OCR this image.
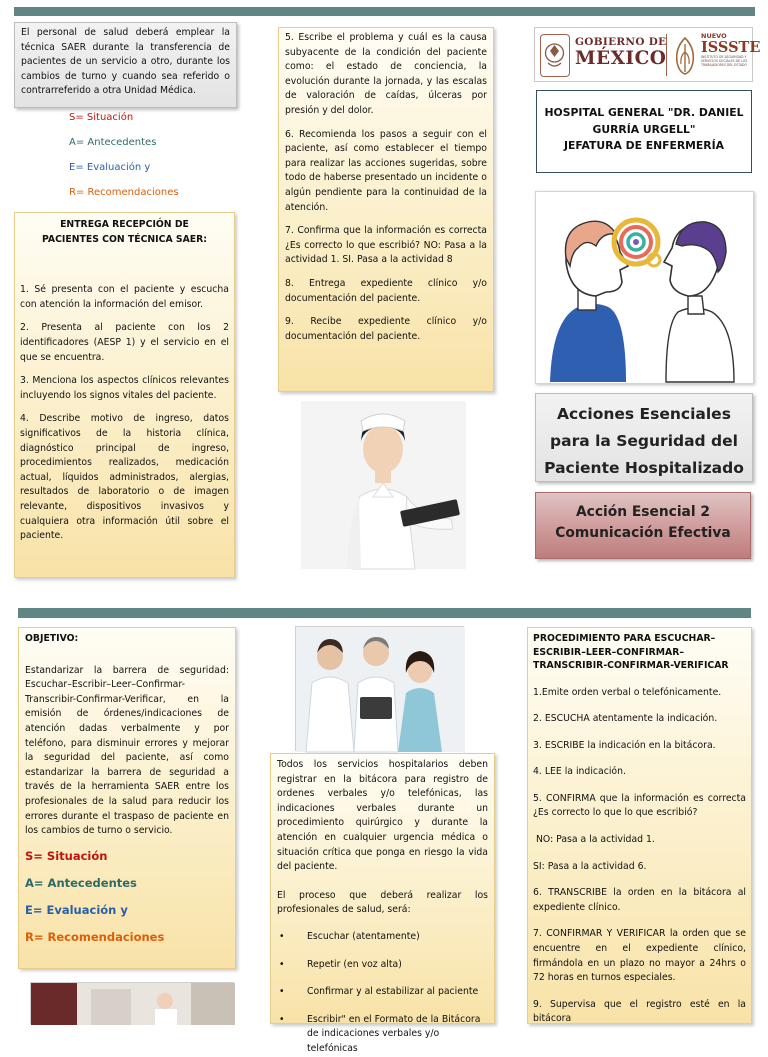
El personal de salud deberá emplear la técnica SAER durante la transferencia de pacientes de un servicio a otro, durante los cambios de turno y cuando sea referido o contrarreferido a otra Unidad Médica.
S= Situación
A= Antecedentes
E= Evaluación y
R= Recomendaciones
ENTREGA RECEPCIÓN DE PACIENTES CON TÉCNICA SAER:
1. Sé presenta con el paciente y escucha con atención la información del emisor.
2. Presenta al paciente con los 2 identificadores (AESP 1) y el servicio en el que se encuentra.
3. Menciona los aspectos clínicos relevantes incluyendo los signos vitales del paciente.
4. Describe motivo de ingreso, datos significativos de la historia clínica, diagnóstico principal de ingreso, procedimientos realizados, medicación actual, líquidos administrados, alergias, resultados de laboratorio o de imagen relevante, dispositivos invasivos y cualquiera otra información útil sobre el paciente.
5. Escribe el problema y cuál es la causa subyacente de la condición del paciente como: el estado de conciencia, la evolución durante la jornada, y las escalas de valoración de caídas, úlceras por presión y del dolor.
6. Recomienda los pasos a seguir con el paciente, así como establecer el tiempo para realizar las acciones sugeridas, sobre todo de haberse presentado un incidente o algún pendiente para la continuidad de la atención.
7. Confirma que la información es correcta ¿Es correcto lo que escribió? NO: Pasa a la actividad 1. SI. Pasa a la actividad 8
8. Entrega expediente clínico y/o documentación del paciente.
9. Recibe expediente clínico y/o documentación del paciente.
GOBIERNO DE
MÉXICO
NUEVO
ISSSTE
INSTITUTO DE SEGURIDAD Y SERVICIOS SOCIALES DE LOS TRABAJADORES DEL ESTADO
HOSPITAL GENERAL "DR. DANIEL
GURRÍA URGELL"
JEFATURA DE ENFERMERÍA
Acciones Esenciales para la Seguridad del Paciente Hospitalizado
Acción Esencial 2
Comunicación Efectiva
OBJETIVO:
Estandarizar la barrera de seguridad: Escuchar–Escribir–Leer–Confirmar-Transcribir-Confirmar-Verificar, en la emisión de órdenes/indicaciones de atención dadas verbalmente y por teléfono, para disminuir errores y mejorar la seguridad del paciente, así como estandarizar la barrera de seguridad a través de la herramienta SAER entre los profesionales de la salud para reducir los errores durante el traspaso de paciente en los cambios de turno o servicio.
S= Situación
A= Antecedentes
E= Evaluación y
R= Recomendaciones
Todos los servicios hospitalarios deben registrar en la bitácora para registro de ordenes verbales y/o telefónicas, las indicaciones verbales durante un procedimiento quirúrgico y durante la atención en cualquier urgencia médica o situación crítica que ponga en riesgo la vida del paciente.
El proceso que deberá realizar los profesionales de salud, será:
• Escuchar (atentamente)
• Repetir (en voz alta)
• Confirmar y al estabilizar al paciente
• Escribir" en el Formato de la Bitácora de indicaciones verbales y/o telefónicas
PROCEDIMIENTO PARA ESCUCHAR–ESCRIBIR–LEER–CONFIRMAR–TRANSCRIBIR-CONFIRMAR-VERIFICAR
1.Emite orden verbal o telefónicamente.
2. ESCUCHA atentamente la indicación.
3. ESCRIBE la indicación en la bitácora.
4. LEE la indicación.
5. CONFIRMA que la información es correcta ¿Es correcto lo que lo que escribió?
NO: Pasa a la actividad 1.
SI: Pasa a la actividad 6.
6. TRANSCRIBE la orden en la bitácora al expediente clínico.
7. CONFIRMAR Y VERIFICAR la orden que se encuentre en el expediente clínico, firmándola en un plazo no mayor a 24hrs o 72 horas en turnos especiales.
9. Supervisa que el registro esté en la bitácora
